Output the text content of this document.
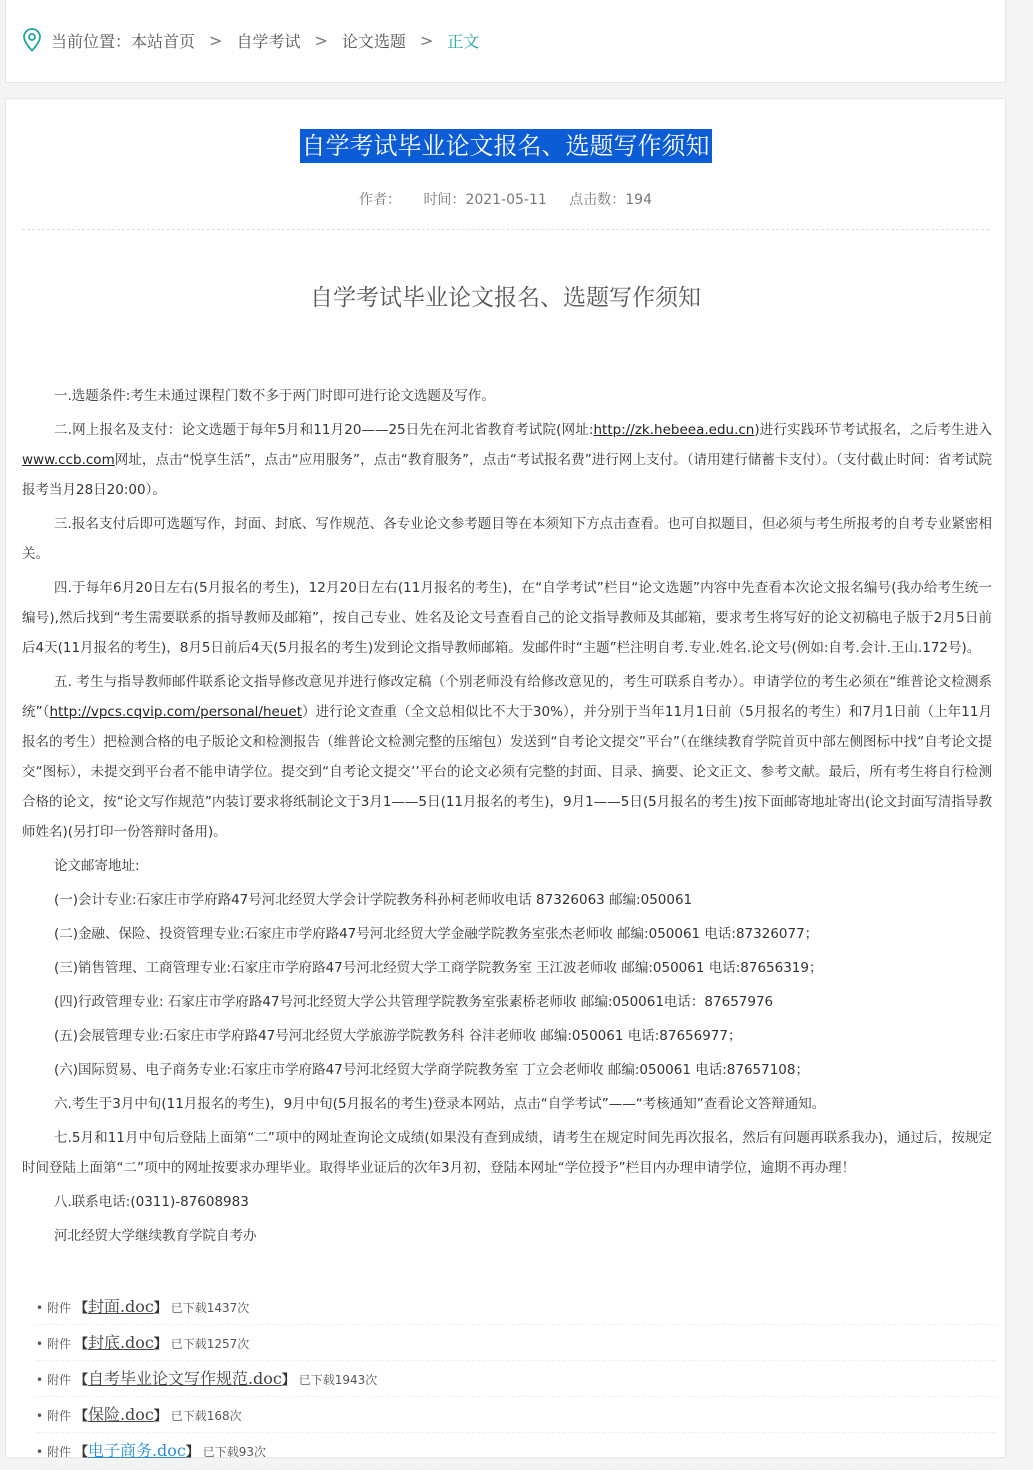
当前位置： 本站首页 > 自学考试 > 论文选题 > 正文
自学考试毕业论文报名、选题写作须知
作者： 时间：2021-05-11 点击数：194
自学考试毕业论文报名、选题写作须知

一.选题条件:考生未通过课程门数不多于两门时即可进行论文选题及写作。

二.网上报名及支付：论文选题于每年5月和11月20——25日先在河北省教育考试院(网址:http://zk.hebeea.edu.cn)进行实践环节考试报名，之后考生进入www.ccb.com网址，点击“悦享生活”，点击“应用服务”，点击“教育服务”，点击“考试报名费”进行网上支付。（请用建行储蓄卡支付）。（支付截止时间：省考试院报考当月28日20:00）。

三.报名支付后即可选题写作，封面、封底、写作规范、各专业论文参考题目等在本须知下方点击查看。也可自拟题目，但必须与考生所报考的自考专业紧密相关。

四.于每年6月20日左右(5月报名的考生)，12月20日左右(11月报名的考生)，在“自学考试”栏目“论文选题”内容中先查看本次论文报名编号(我办给考生统一编号),然后找到“考生需要联系的指导教师及邮箱”，按自己专业、姓名及论文号查看自己的论文指导教师及其邮箱，要求考生将写好的论文初稿电子版于2月5日前后4天(11月报名的考生)，8月5日前后4天(5月报名的考生)发到论文指导教师邮箱。发邮件时“主题”栏注明自考.专业.姓名.论文号(例如:自考.会计.王山.172号)。

五. 考生与指导教师邮件联系论文指导修改意见并进行修改定稿（个别老师没有给修改意见的，考生可联系自考办）。申请学位的考生必须在“维普论文检测系统”（http://vpcs.cqvip.com/personal/heuet）进行论文查重（全文总相似比不大于30%），并分别于当年11月1日前（5月报名的考生）和7月1日前（上年11月报名的考生）把检测合格的电子版论文和检测报告（维普论文检测完整的压缩包）发送到“自考论文提交”平台”（在继续教育学院首页中部左侧图标中找“自考论文提交“图标），未提交到平台者不能申请学位。提交到“自考论文提交’’平台的论文必须有完整的封面、目录、摘要、论文正文、参考文献。最后，所有考生将自行检测合格的论文，按“论文写作规范”内装订要求将纸制论文于3月1——5日(11月报名的考生)，9月1——5日(5月报名的考生)按下面邮寄地址寄出(论文封面写清指导教师姓名)(另打印一份答辩时备用)。

论文邮寄地址:

(一)会计专业:石家庄市学府路47号河北经贸大学会计学院教务科孙柯老师收电话 87326063 邮编:050061

(二)金融、保险、投资管理专业:石家庄市学府路47号河北经贸大学金融学院教务室张杰老师收 邮编:050061 电话:87326077；

(三)销售管理、工商管理专业:石家庄市学府路47号河北经贸大学工商学院教务室 王江波老师收 邮编:050061 电话:87656319；

(四)行政管理专业: 石家庄市学府路47号河北经贸大学公共管理学院教务室张素桥老师收 邮编:050061电话：87657976

(五)会展管理专业:石家庄市学府路47号河北经贸大学旅游学院教务科 谷沣老师收 邮编:050061 电话:87656977；

(六)国际贸易、电子商务专业:石家庄市学府路47号河北经贸大学商学院教务室 丁立会老师收 邮编:050061 电话:87657108；

六.考生于3月中旬(11月报名的考生)，9月中旬(5月报名的考生)登录本网站，点击“自学考试”——“考核通知”查看论文答辩通知。

七.5月和11月中旬后登陆上面第“二”项中的网址查询论文成绩(如果没有查到成绩，请考生在规定时间先再次报名，然后有问题再联系我办)，通过后，按规定时间登陆上面第“二”项中的网址按要求办理毕业。取得毕业证后的次年3月初，登陆本网址“学位授予”栏目内办理申请学位，逾期不再办理！

八.联系电话:(0311)-87608983

河北经贸大学继续教育学院自考办

• 附件 【封面.doc】 已下载1437次
• 附件 【封底.doc】 已下载1257次
• 附件 【自考毕业论文写作规范.doc】 已下载1943次
• 附件 【保险.doc】 已下载168次
• 附件 【电子商务.doc】 已下载93次
